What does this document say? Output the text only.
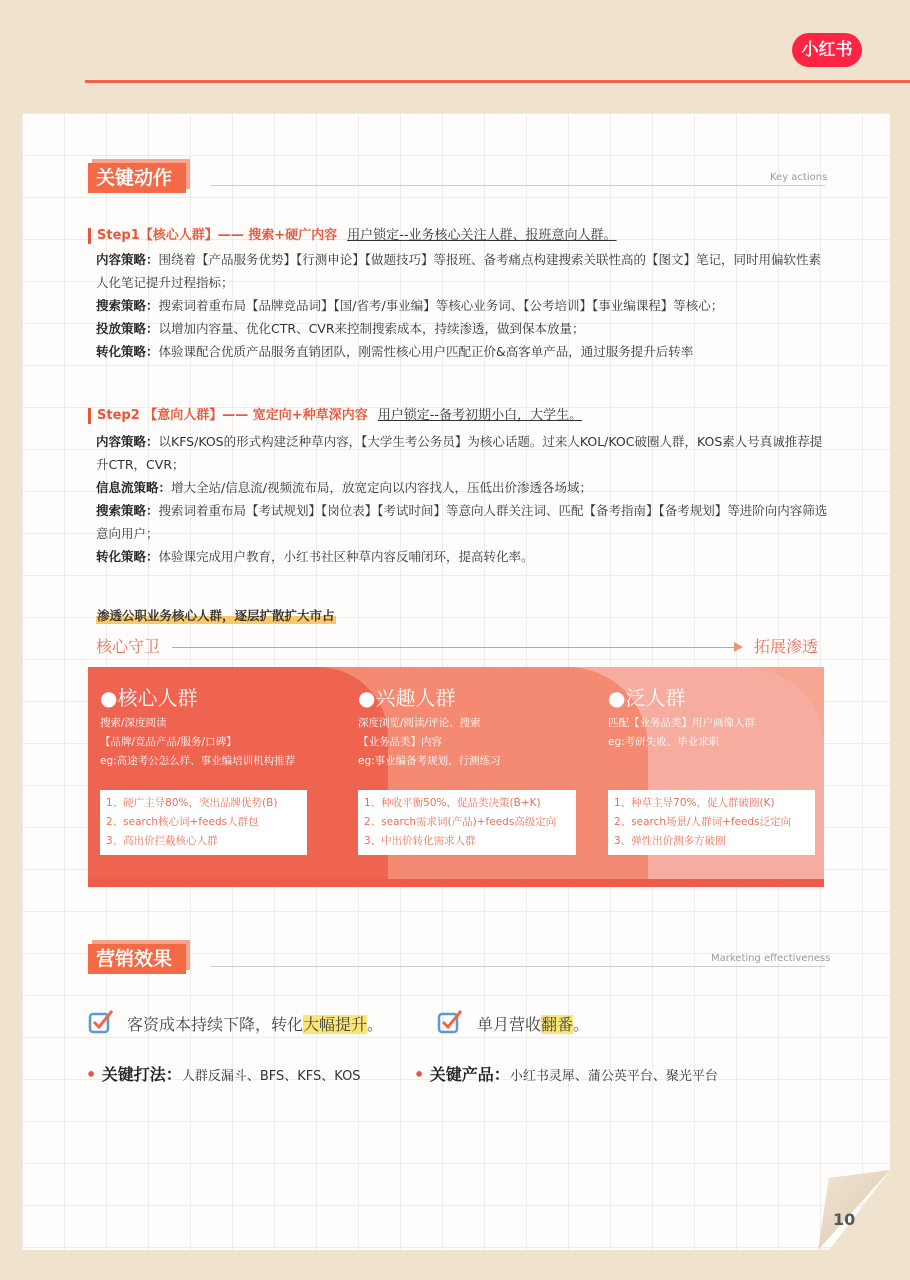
小红书
10
关键动作	Key actions
Step1【核心人群】—— 搜索+硬广内容 用户锁定--业务核心关注人群、报班意向人群。
内容策略：围绕着【产品服务优势】【行测申论】【做题技巧】等报班、备考痛点构建搜索关联性高的【图文】笔记，同时用偏软性素人化笔记提升过程指标；
搜索策略：搜索词着重布局【品牌竞品词】【国/省考/事业编】等核心业务词、【公考培训】【事业编课程】等核心；
投放策略：以增加内容量、优化CTR、CVR来控制搜索成本，持续渗透，做到保本放量；
转化策略：体验课配合优质产品服务直销团队，刚需性核心用户匹配正价&高客单产品，通过服务提升后转率
Step2 【意向人群】—— 宽定向+种草深内容 用户锁定--备考初期小白，大学生。
内容策略：以KFS/KOS的形式构建泛种草内容，【大学生考公务员】为核心话题。过来人KOL/KOC破圈人群，KOS素人号真诚推荐提升CTR，CVR；
信息流策略：增大全站/信息流/视频流布局，放宽定向以内容找人，压低出价渗透各场域；
搜索策略：搜索词着重布局【考试规划】【岗位表】【考试时间】等意向人群关注词、匹配【备考指南】【备考规划】等进阶向内容筛选意向用户；
转化策略：体验课完成用户教育，小红书社区种草内容反哺闭环，提高转化率。
渗透公职业务核心人群，逐层扩散扩大市占
核心守卫	拓展渗透
●核心人群
搜索/深度阅读
【品牌/竞品产品/服务/口碑】
eg:高途考公怎么样、事业编培训机构推荐
1、硬广主导80%，突出品牌优势(B)
2、search核心词+feeds人群包
3、高出价拦截核心人群
●兴趣人群
深度浏览/阅读/评论、搜索
【业务品类】内容
eg:事业编备考规划、行测练习
1、种收平衡50%，促品类决策(B+K)
2、search需求词(产品)+feeds高级定向
3、中出价转化需求人群
●泛人群
匹配【业务品类】用户画像人群
eg:考研失败、毕业求职
1、种草主导70%，促人群破圈(K)
2、search场景/人群词+feeds泛定向
3、弹性出价测多方破圈
营销效果	Marketing effectiveness
客资成本持续下降，转化大幅提升。	单月营收翻番。
• 关键打法：人群反漏斗、BFS、KFS、KOS	• 关键产品：小红书灵犀、蒲公英平台、聚光平台
